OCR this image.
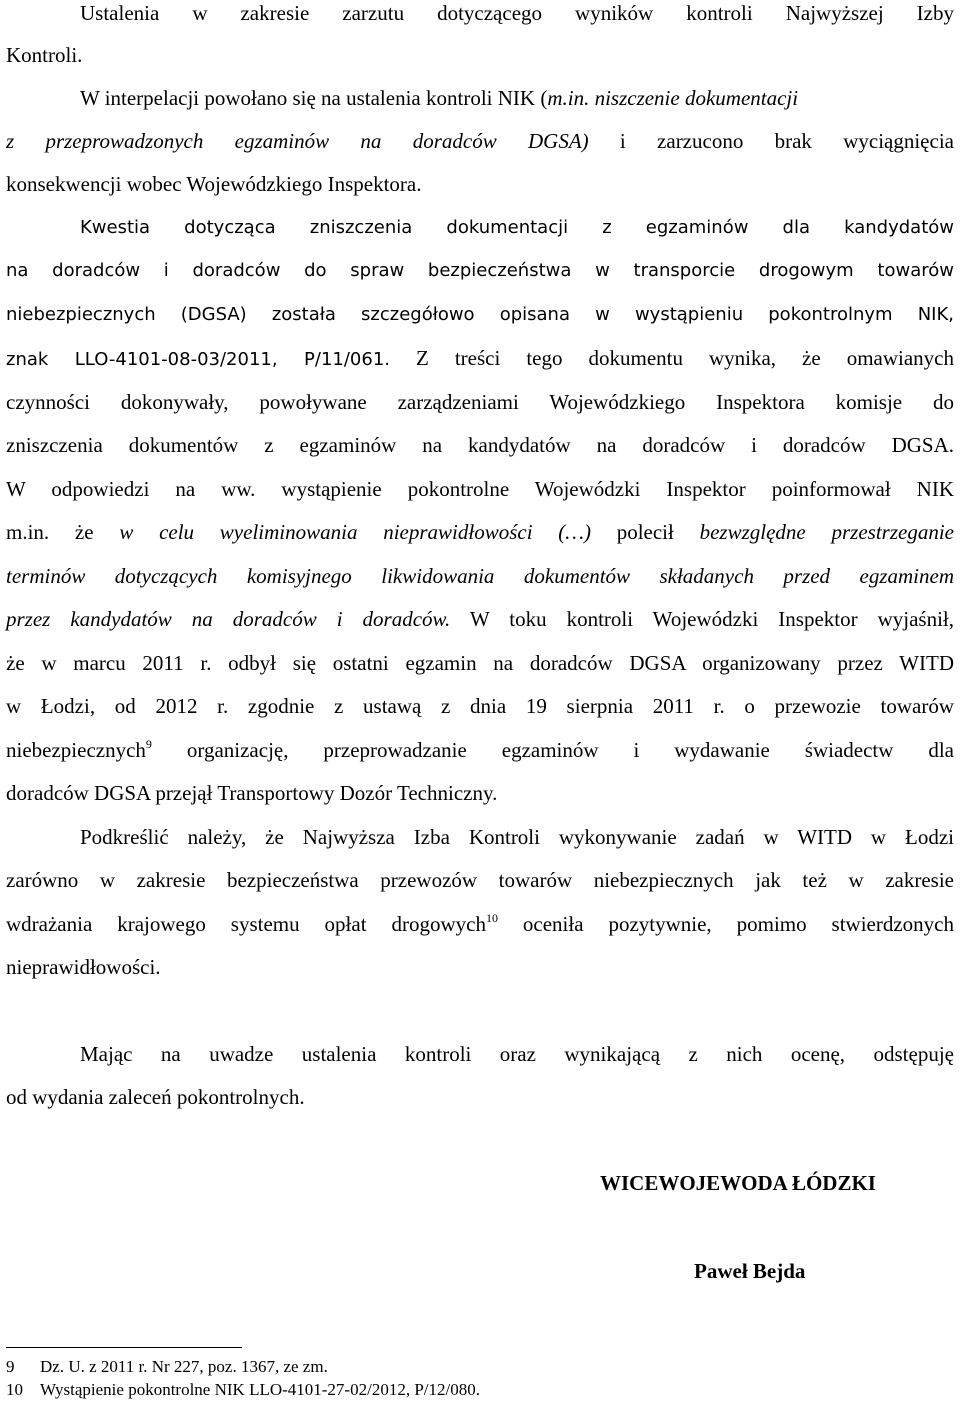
Ustalenia w zakresie zarzutu dotyczącego wyników kontroli Najwyższej Izby
Kontroli.
W interpelacji powołano się na ustalenia kontroli NIK (m.in. niszczenie dokumentacji
z przeprowadzonych egzaminów na doradców DGSA) i zarzucono brak wyciągnięcia
konsekwencji wobec Wojewódzkiego Inspektora.
Kwestia dotycząca zniszczenia dokumentacji z egzaminów dla kandydatów
na doradców i doradców do spraw bezpieczeństwa w transporcie drogowym towarów
niebezpiecznych (DGSA) została szczegółowo opisana w wystąpieniu pokontrolnym NIK,
znak LLO-4101-08-03/2011, P/11/061. Z treści tego dokumentu wynika, że omawianych
czynności dokonywały, powoływane zarządzeniami Wojewódzkiego Inspektora komisje do
zniszczenia dokumentów z egzaminów na kandydatów na doradców i doradców DGSA.
W odpowiedzi na ww. wystąpienie pokontrolne Wojewódzki Inspektor poinformował NIK
m.in. że w celu wyeliminowania nieprawidłowości (…) polecił bezwzględne przestrzeganie
terminów dotyczących komisyjnego likwidowania dokumentów składanych przed egzaminem
przez kandydatów na doradców i doradców. W toku kontroli Wojewódzki Inspektor wyjaśnił,
że w marcu 2011 r. odbył się ostatni egzamin na doradców DGSA organizowany przez WITD
w Łodzi, od 2012 r. zgodnie z ustawą z dnia 19 sierpnia 2011 r. o przewozie towarów
niebezpiecznych$^9$ organizację, przeprowadzanie egzaminów i wydawanie świadectw dla
doradców DGSA przejął Transportowy Dozór Techniczny.
Podkreślić należy, że Najwyższa Izba Kontroli wykonywanie zadań w WITD w Łodzi
zarówno w zakresie bezpieczeństwa przewozów towarów niebezpiecznych jak też w zakresie
wdrażania krajowego systemu opłat drogowych$^{10}$ oceniła pozytywnie, pomimo stwierdzonych
nieprawidłowości.
Mając na uwadze ustalenia kontroli oraz wynikającą z nich ocenę, odstępuję
od wydania zaleceń pokontrolnych.
WICEWOJEWODA ŁÓDZKI
Paweł Bejda
9 Dz. U. z 2011 r. Nr 227, poz. 1367, ze zm.
10 Wystąpienie pokontrolne NIK LLO-4101-27-02/2012, P/12/080.
